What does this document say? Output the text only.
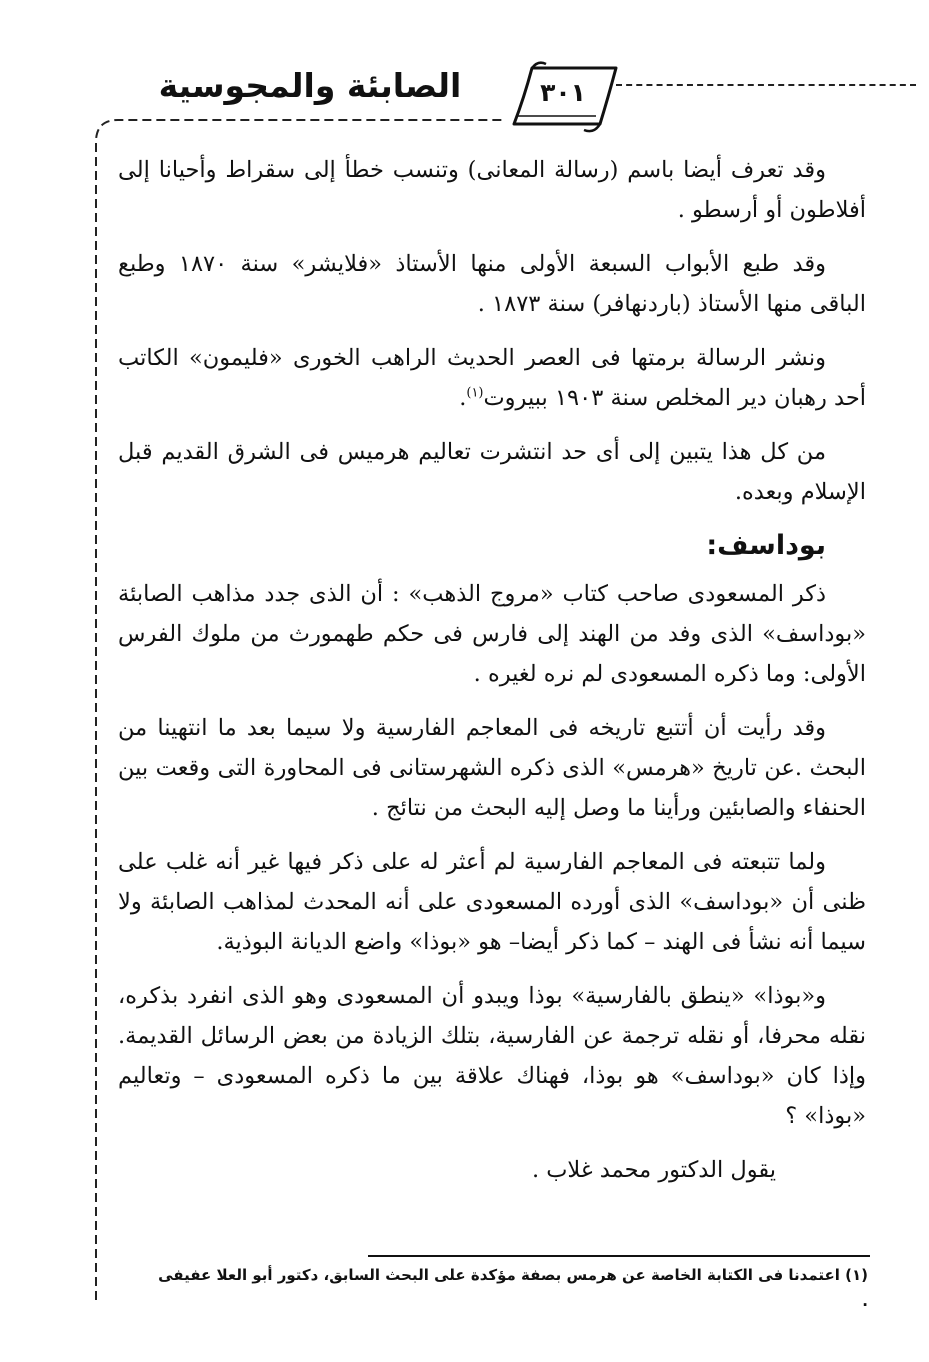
الصابئة والمجوسية	٣٠١

وقد تعرف أيضا باسم (رسالة المعانى) وتنسب خطأ إلى سقراط وأحيانا إلى أفلاطون أو أرسطو .

وقد طبع الأبواب السبعة الأولى منها الأستاذ «فلايشر» سنة ١٨٧٠ وطبع الباقى منها الأستاذ (باردنهافر) سنة ١٨٧٣ .

ونشر الرسالة برمتها فى العصر الحديث الراهب الخورى «فليمون» الكاتب أحد رهبان دير المخلص سنة ١٩٠٣ ببيروت$^{(١)}$.

من كل هذا يتبين إلى أى حد انتشرت تعاليم هرميس فى الشرق القديم قبل الإسلام وبعده.

بوداسف:

ذكر المسعودى صاحب كتاب «مروج الذهب» : أن الذى جدد مذاهب الصابئة «بوداسف» الذى وفد من الهند إلى فارس فى حكم طهمورث من ملوك الفرس الأولى: وما ذكره المسعودى لم نره لغيره .

وقد رأيت أن أتتبع تاريخه فى المعاجم الفارسية ولا سيما بعد ما انتهينا من البحث .عن تاريخ «هرمس» الذى ذكره الشهرستانى فى المحاورة التى وقعت بين الحنفاء والصابئين ورأينا ما وصل إليه البحث من نتائج .

ولما تتبعته فى المعاجم الفارسية لم أعثر له على ذكر فيها غير أنه غلب على ظنى أن «بوداسف» الذى أورده المسعودى على أنه المحدث لمذاهب الصابئة ولا سيما أنه نشأ فى الهند – كما ذكر أيضا– هو «بوذا» واضع الديانة البوذية.

و«بوذا» «ينطق بالفارسية» بوذا ويبدو أن المسعودى وهو الذى انفرد بذكره، نقله محرفا، أو نقله ترجمة عن الفارسية، بتلك الزيادة من بعض الرسائل القديمة. وإذا كان «بوداسف» هو بوذا، فهناك علاقة بين ما ذكره المسعودى – وتعاليم «بوذا» ؟

يقول الدكتور محمد غلاب .

(١) اعتمدنا فى الكتابة الخاصة عن هرمس بصفة مؤكدة على البحث السابق، دكتور أبو العلا عفيفى .
